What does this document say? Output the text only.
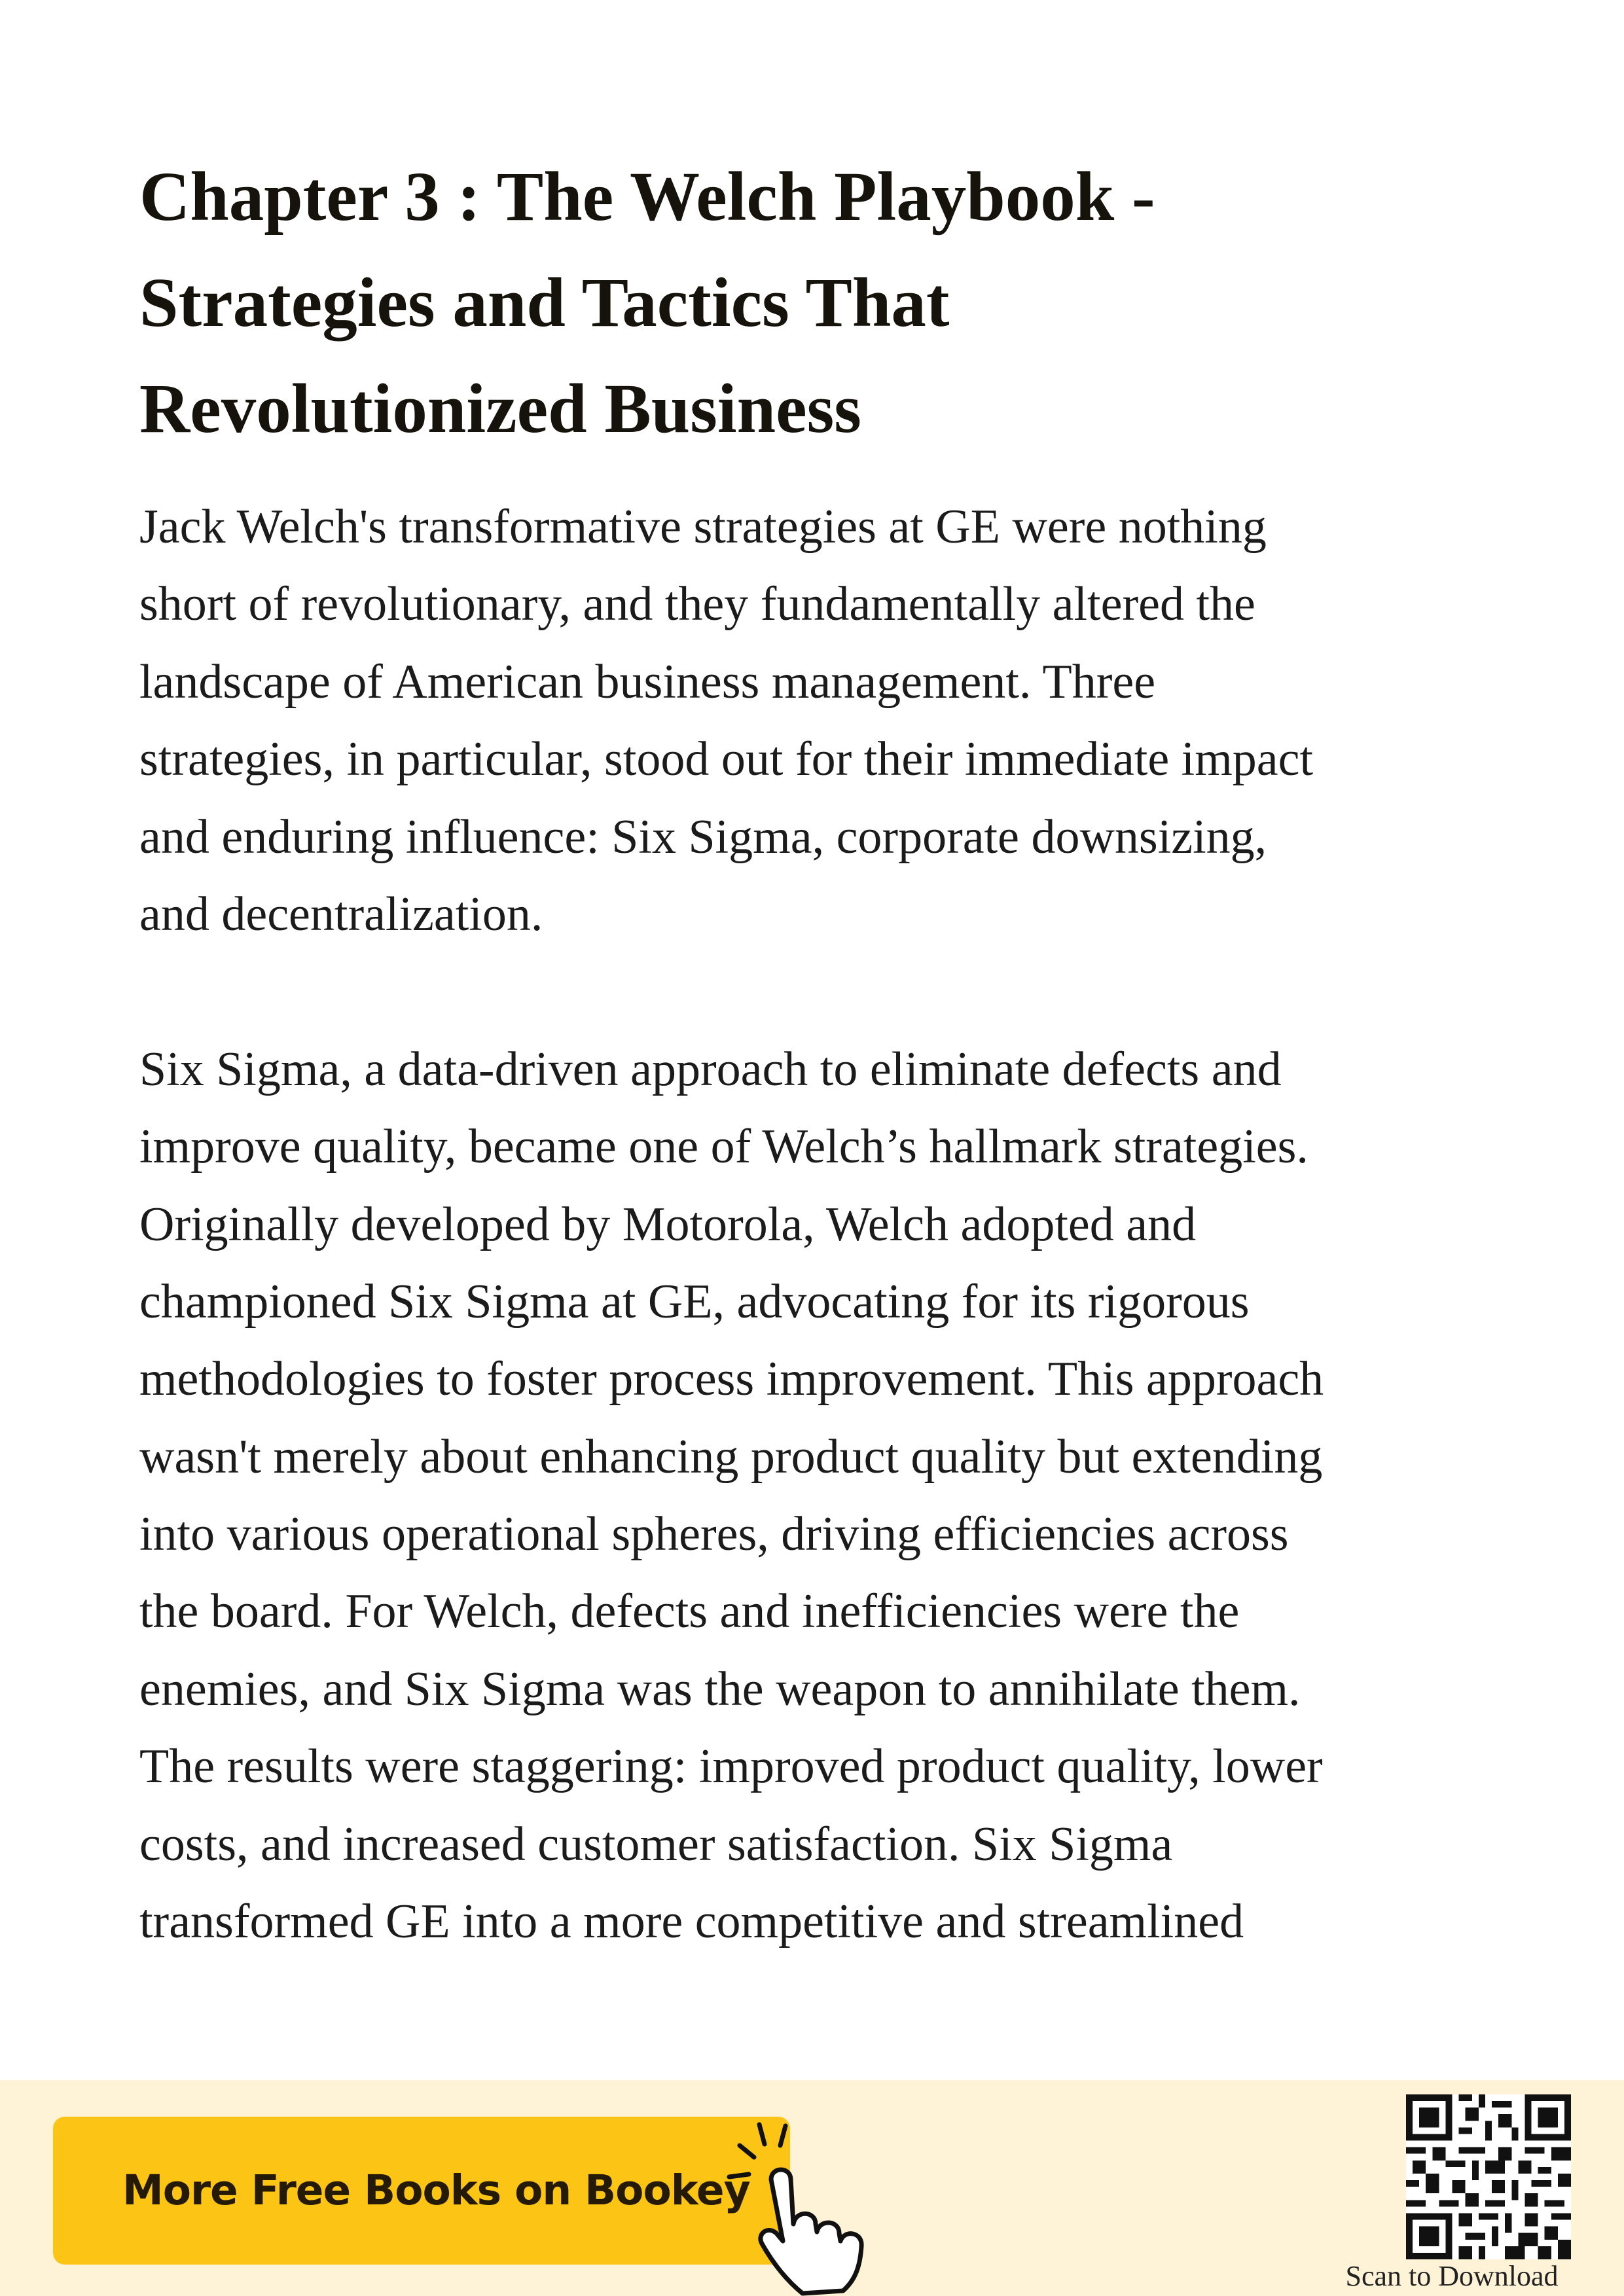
Chapter 3 : The Welch Playbook -
Strategies and Tactics That
Revolutionized Business
Jack Welch's transformative strategies at GE were nothing
short of revolutionary, and they fundamentally altered the
landscape of American business management. Three
strategies, in particular, stood out for their immediate impact
and enduring influence: Six Sigma, corporate downsizing,
and decentralization.
Six Sigma, a data-driven approach to eliminate defects and
improve quality, became one of Welch’s hallmark strategies.
Originally developed by Motorola, Welch adopted and
championed Six Sigma at GE, advocating for its rigorous
methodologies to foster process improvement. This approach
wasn't merely about enhancing product quality but extending
into various operational spheres, driving efficiencies across
the board. For Welch, defects and inefficiencies were the
enemies, and Six Sigma was the weapon to annihilate them.
The results were staggering: improved product quality, lower
costs, and increased customer satisfaction. Six Sigma
transformed GE into a more competitive and streamlined
More Free Books on Bookey
Scan to Download
